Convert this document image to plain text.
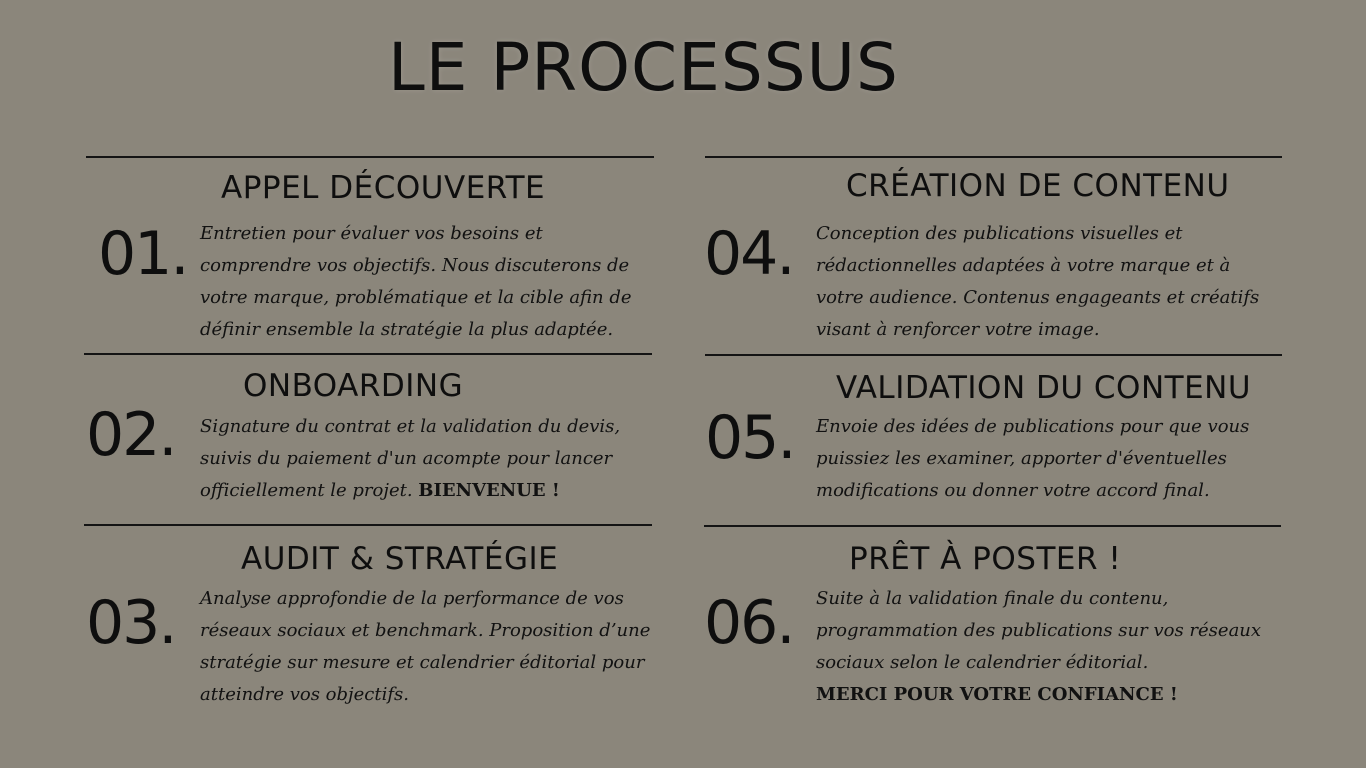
LE PROCESSUS
APPEL DÉCOUVERTE
01. Entretien pour évaluer vos besoins et comprendre vos objectifs. Nous discuterons de votre marque, problématique et la cible afin de définir ensemble la stratégie la plus adaptée.

ONBOARDING
02. Signature du contrat et la validation du devis, suivis du paiement d'un acompte pour lancer officiellement le projet. BIENVENUE !

AUDIT & STRATÉGIE
03. Analyse approfondie de la performance de vos réseaux sociaux et benchmark. Proposition d’une stratégie sur mesure et calendrier éditorial pour atteindre vos objectifs.

CRÉATION DE CONTENU
04. Conception des publications visuelles et rédactionnelles adaptées à votre marque et à votre audience. Contenus engageants et créatifs visant à renforcer votre image.

VALIDATION DU CONTENU
05. Envoie des idées de publications pour que vous puissiez les examiner, apporter d'éventuelles modifications ou donner votre accord final.

PRÊT À POSTER !
06. Suite à la validation finale du contenu, programmation des publications sur vos réseaux sociaux selon le calendrier éditorial.
MERCI POUR VOTRE CONFIANCE !
